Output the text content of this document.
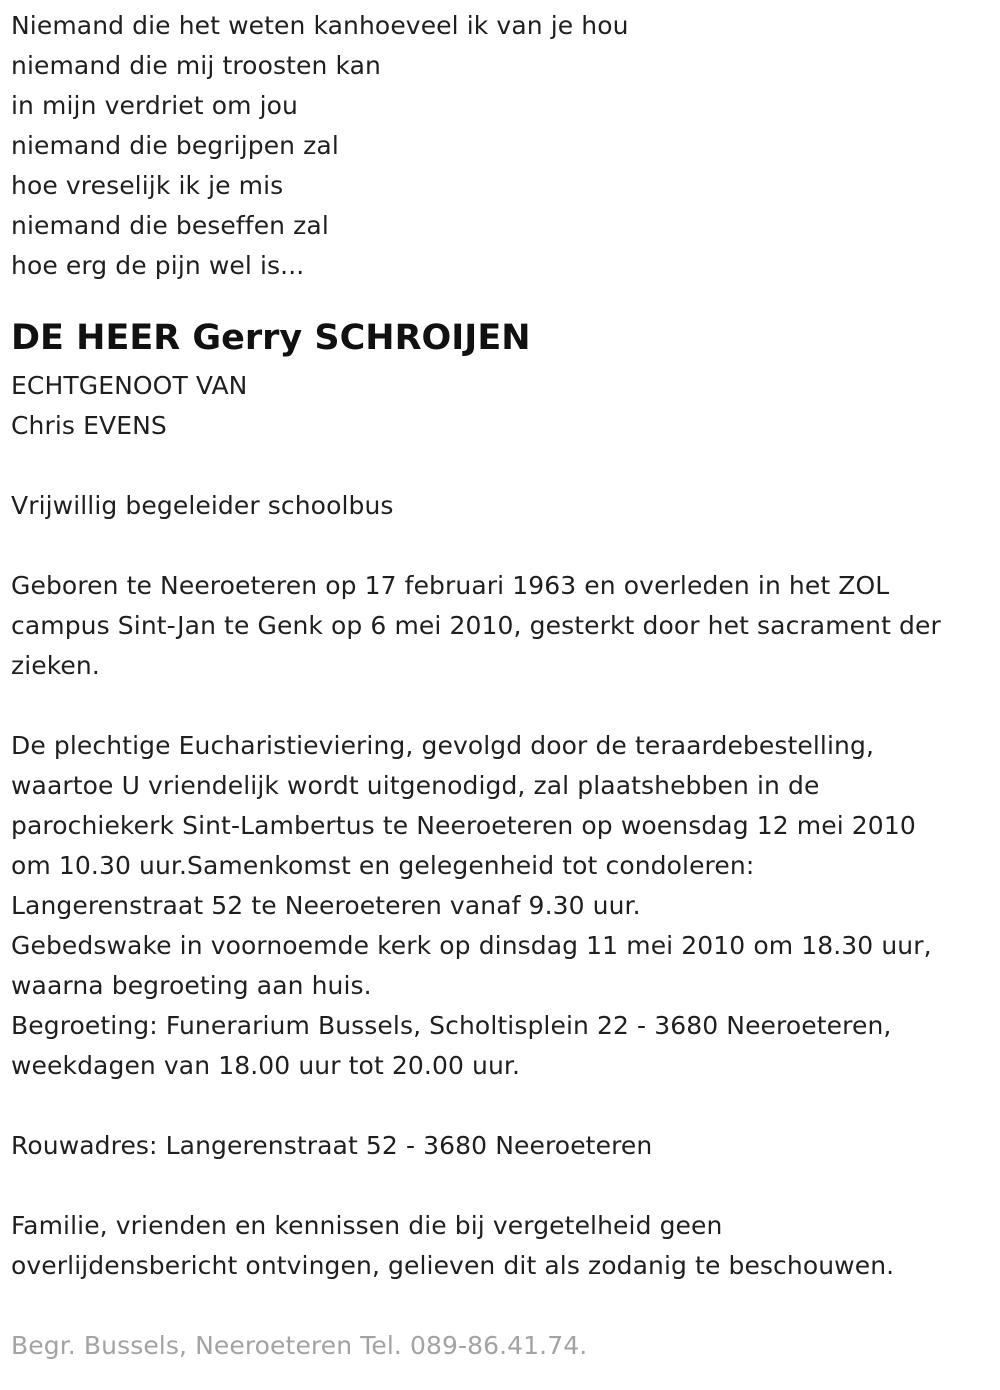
Niemand die het weten kanhoeveel ik van je hou
niemand die mij troosten kan
in mijn verdriet om jou
niemand die begrijpen zal
hoe vreselijk ik je mis
niemand die beseffen zal
hoe erg de pijn wel is...
DE HEER Gerry SCHROIJEN
ECHTGENOOT VAN
Chris EVENS
Vrijwillig begeleider schoolbus
Geboren te Neeroeteren op 17 februari 1963 en overleden in het ZOL
campus Sint-Jan te Genk op 6 mei 2010, gesterkt door het sacrament der
zieken.
De plechtige Eucharistieviering, gevolgd door de teraardebestelling,
waartoe U vriendelijk wordt uitgenodigd, zal plaatshebben in de
parochiekerk Sint-Lambertus te Neeroeteren op woensdag 12 mei 2010
om 10.30 uur.Samenkomst en gelegenheid tot condoleren:
Langerenstraat 52 te Neeroeteren vanaf 9.30 uur.
Gebedswake in voornoemde kerk op dinsdag 11 mei 2010 om 18.30 uur,
waarna begroeting aan huis.
Begroeting: Funerarium Bussels, Scholtisplein 22 - 3680 Neeroeteren,
weekdagen van 18.00 uur tot 20.00 uur.
Rouwadres: Langerenstraat 52 - 3680 Neeroeteren
Familie, vrienden en kennissen die bij vergetelheid geen
overlijdensbericht ontvingen, gelieven dit als zodanig te beschouwen.
Begr. Bussels, Neeroeteren Tel. 089-86.41.74.
